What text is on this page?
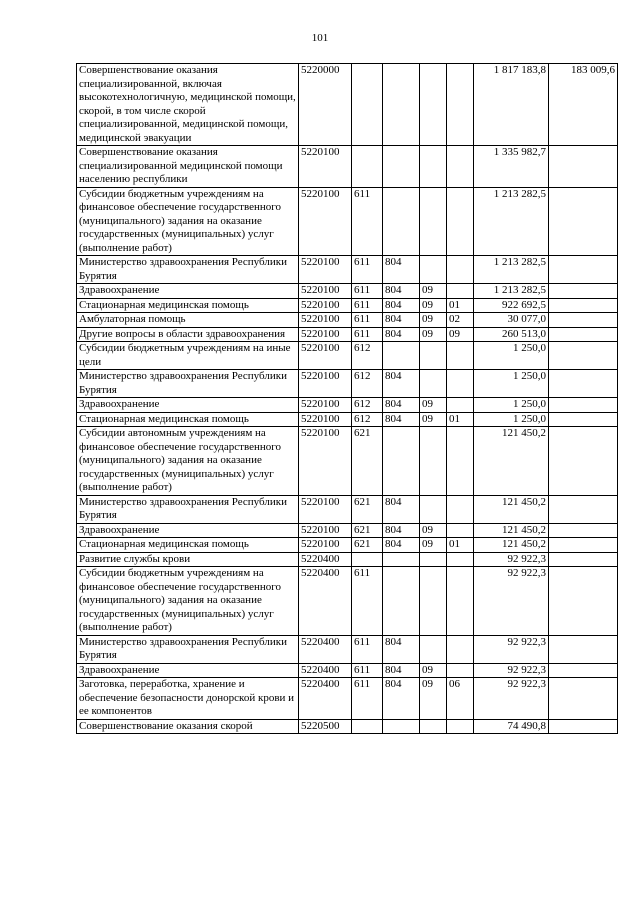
101
Совершенствование оказания специализированной, включая высокотехнологичную, медицинской помощи, скорой, в том числе скорой специализированной, медицинской помощи, медицинской эвакуации	5220000					1 817 183,8	183 009,6
Совершенствование оказания специализированной медицинской помощи населению республики	5220100					1 335 982,7	
Субсидии бюджетным учреждениям на финансовое обеспечение государственного (муниципального) задания на оказание государственных (муниципальных) услуг (выполнение работ)	5220100	611				1 213 282,5	
Министерство здравоохранения Республики Бурятия	5220100	611	804			1 213 282,5	
Здравоохранение	5220100	611	804	09		1 213 282,5	
Стационарная медицинская помощь	5220100	611	804	09	01	922 692,5	
Амбулаторная помощь	5220100	611	804	09	02	30 077,0	
Другие вопросы в области здравоохранения	5220100	611	804	09	09	260 513,0	
Субсидии бюджетным учреждениям на иные цели	5220100	612				1 250,0	
Министерство здравоохранения Республики Бурятия	5220100	612	804			1 250,0	
Здравоохранение	5220100	612	804	09		1 250,0	
Стационарная медицинская помощь	5220100	612	804	09	01	1 250,0	
Субсидии автономным учреждениям на финансовое обеспечение государственного (муниципального) задания на оказание государственных (муниципальных) услуг (выполнение работ)	5220100	621				121 450,2	
Министерство здравоохранения Республики Бурятия	5220100	621	804			121 450,2	
Здравоохранение	5220100	621	804	09		121 450,2	
Стационарная медицинская помощь	5220100	621	804	09	01	121 450,2	
Развитие службы крови	5220400					92 922,3	
Субсидии бюджетным учреждениям на финансовое обеспечение государственного (муниципального) задания на оказание государственных (муниципальных) услуг (выполнение работ)	5220400	611				92 922,3	
Министерство здравоохранения Республики Бурятия	5220400	611	804			92 922,3	
Здравоохранение	5220400	611	804	09		92 922,3	
Заготовка, переработка, хранение и обеспечение безопасности донорской крови и ее компонентов	5220400	611	804	09	06	92 922,3	
Совершенствование оказания скорой	5220500					74 490,8	
